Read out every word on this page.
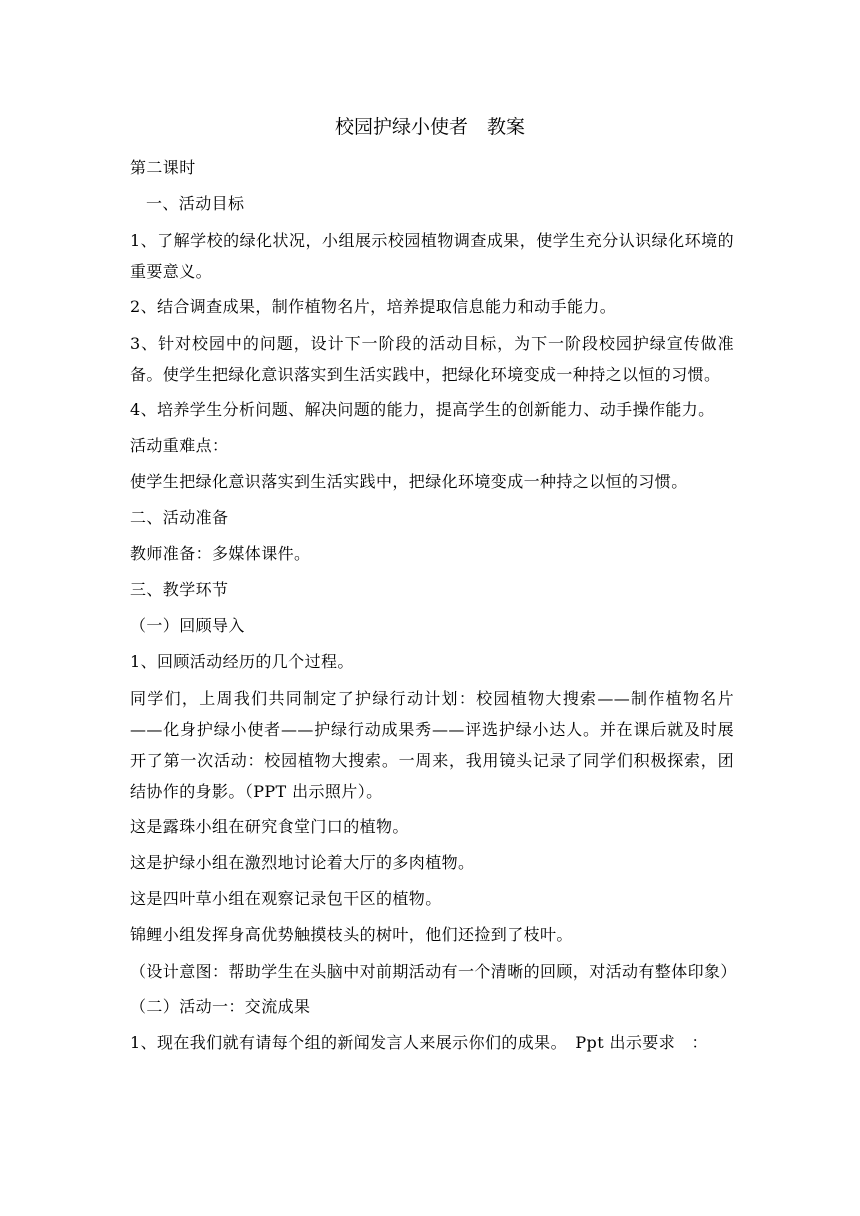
校园护绿小使者　教案

第二课时

一、活动目标

1、了解学校的绿化状况，小组展示校园植物调查成果，使学生充分认识绿化环境的重要意义。

2、结合调查成果，制作植物名片，培养提取信息能力和动手能力。

3、针对校园中的问题，设计下一阶段的活动目标，为下一阶段校园护绿宣传做准备。使学生把绿化意识落实到生活实践中，把绿化环境变成一种持之以恒的习惯。

4、培养学生分析问题、解决问题的能力，提高学生的创新能力、动手操作能力。

活动重难点：

使学生把绿化意识落实到生活实践中，把绿化环境变成一种持之以恒的习惯。

二、活动准备

教师准备：多媒体课件。

三、教学环节

（一）回顾导入

1、回顾活动经历的几个过程。

同学们，上周我们共同制定了护绿行动计划：校园植物大搜索——制作植物名片——化身护绿小使者——护绿行动成果秀——评选护绿小达人。并在课后就及时展开了第一次活动：校园植物大搜索。一周来，我用镜头记录了同学们积极探索，团结协作的身影。（PPT 出示照片）。

这是露珠小组在研究食堂门口的植物。

这是护绿小组在激烈地讨论着大厅的多肉植物。

这是四叶草小组在观察记录包干区的植物。

锦鲤小组发挥身高优势触摸枝头的树叶，他们还捡到了枝叶。

（设计意图：帮助学生在头脑中对前期活动有一个清晰的回顾，对活动有整体印象）

（二）活动一：交流成果

1、现在我们就有请每个组的新闻发言人来展示你们的成果。　Ppt 出示要求　：
